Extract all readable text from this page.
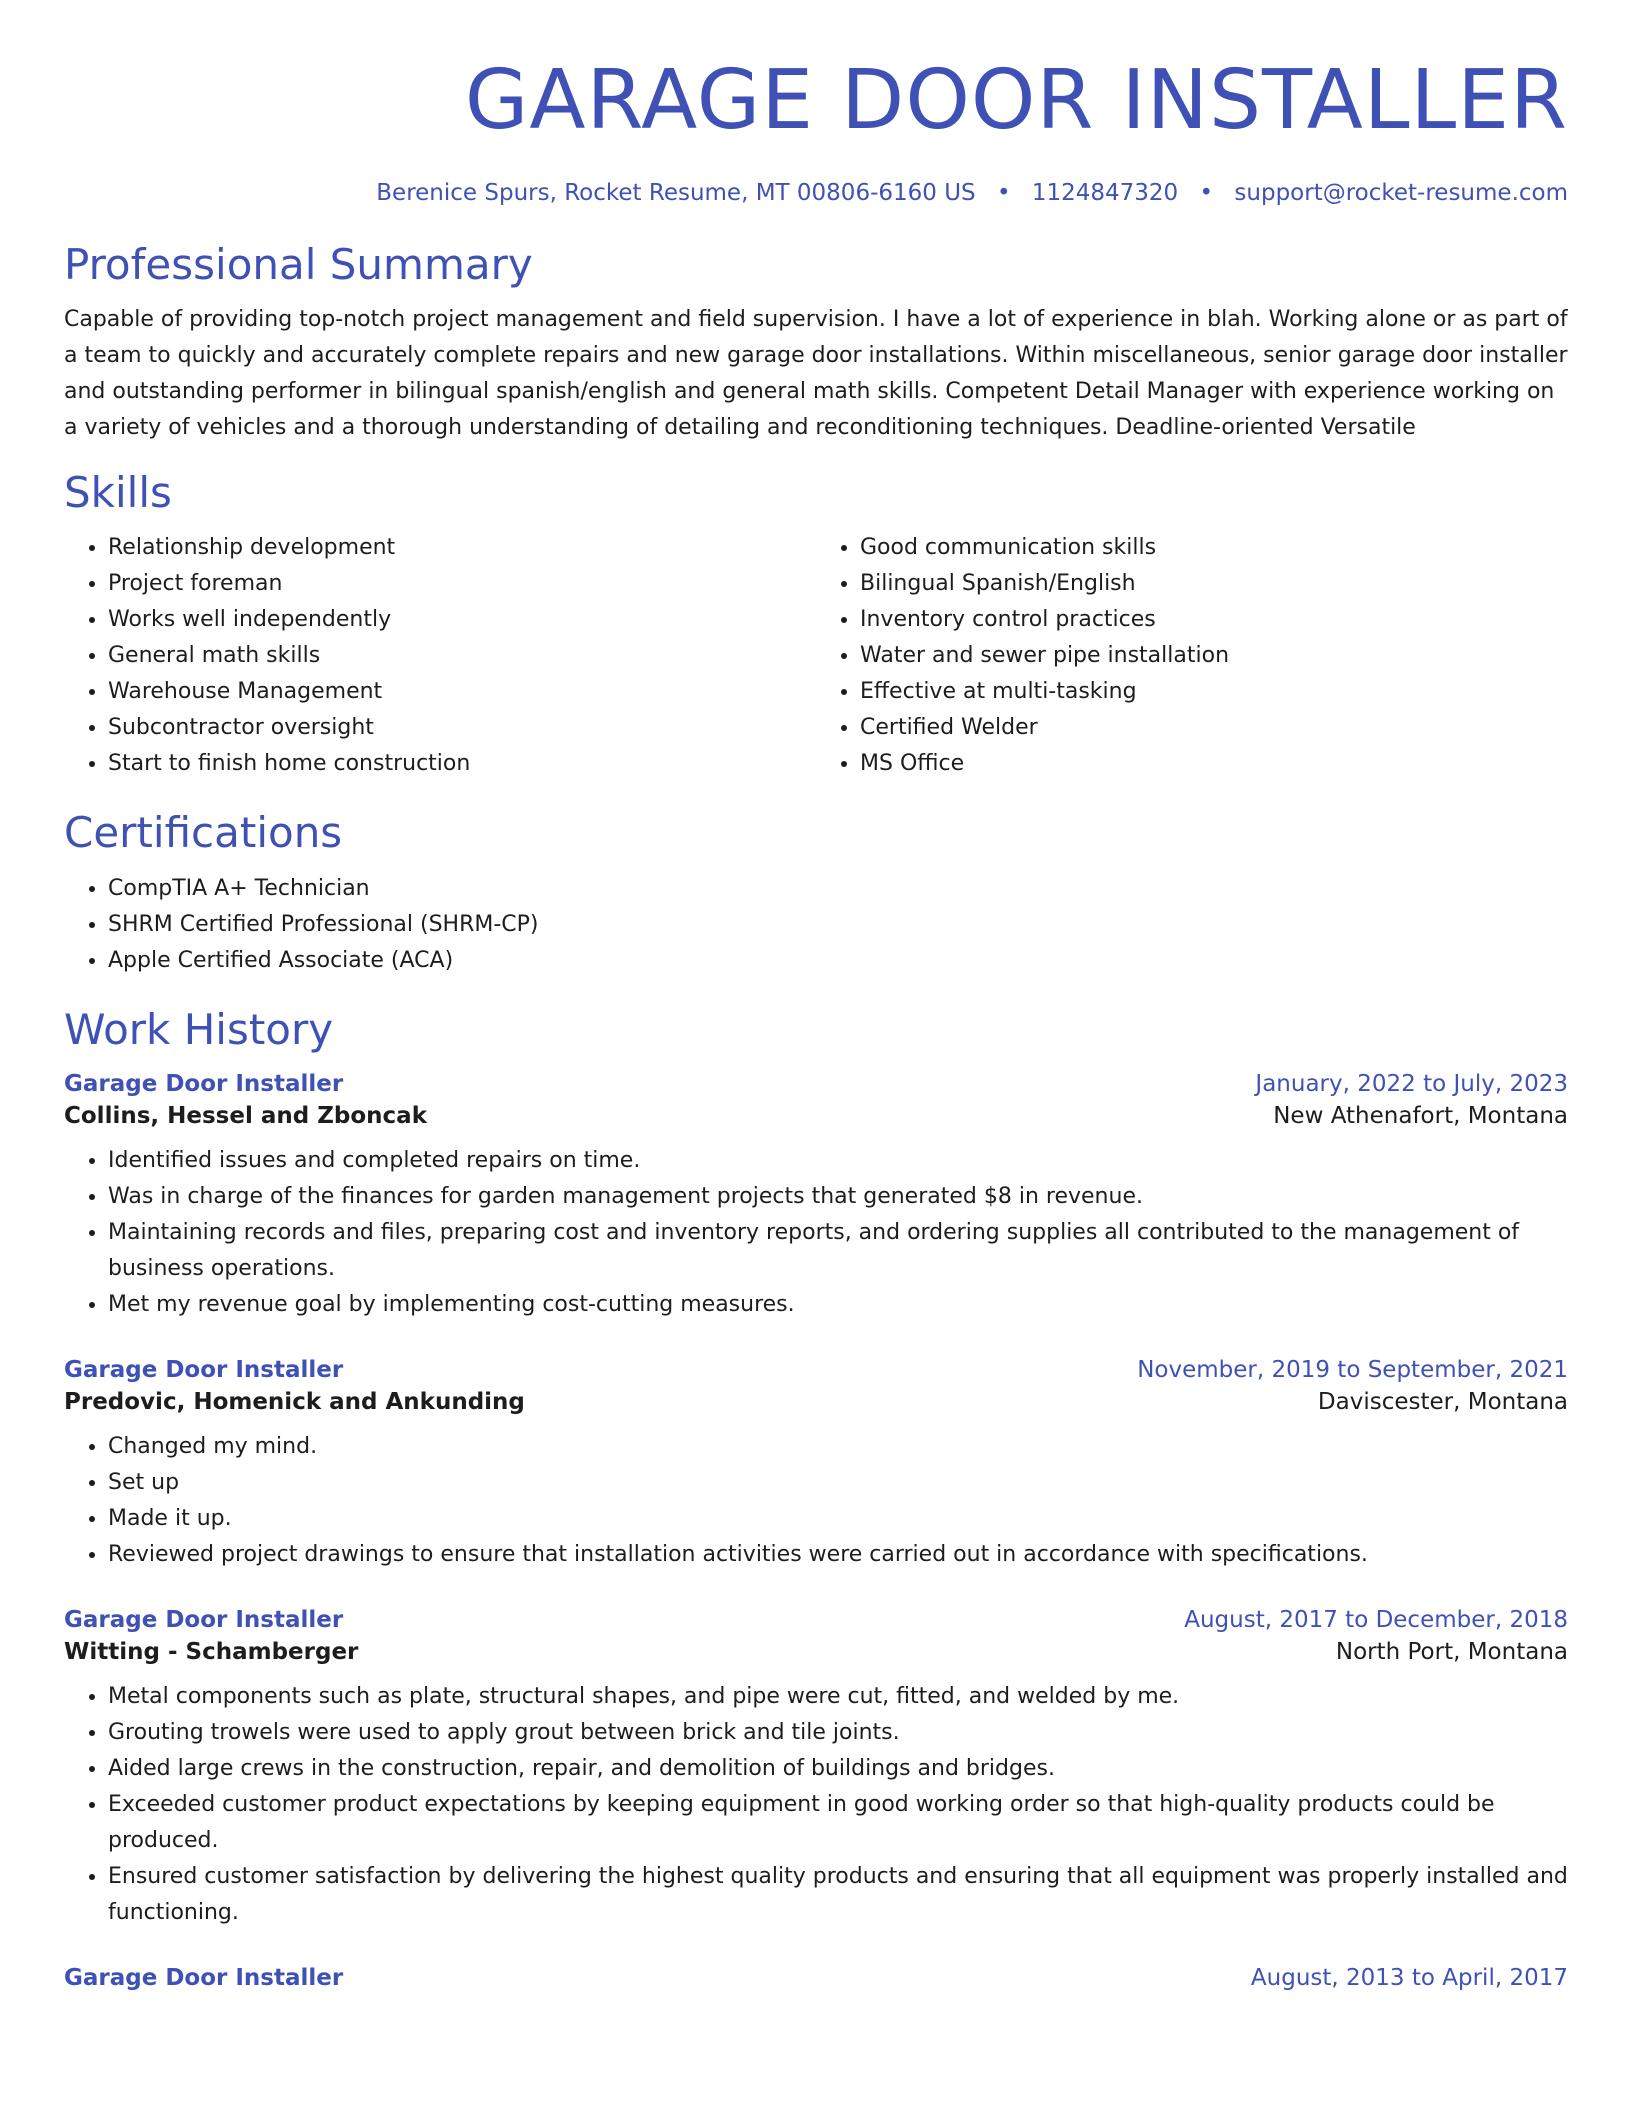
GARAGE DOOR INSTALLER
Berenice Spurs, Rocket Resume, MT 00806-6160 US • 1124847320 • support@rocket-resume.com
Professional Summary

Capable of providing top-notch project management and field supervision. I have a lot of experience in blah. Working alone or as part of a team to quickly and accurately complete repairs and new garage door installations. Within miscellaneous, senior garage door installer and outstanding performer in bilingual spanish/english and general math skills. Competent Detail Manager with experience working on a variety of vehicles and a thorough understanding of detailing and reconditioning techniques. Deadline-oriented Versatile

Skills
• Relationship development
• Project foreman
• Works well independently
• General math skills
• Warehouse Management
• Subcontractor oversight
• Start to finish home construction
• Good communication skills
• Bilingual Spanish/English
• Inventory control practices
• Water and sewer pipe installation
• Effective at multi-tasking
• Certified Welder
• MS Office
Certifications
• CompTIA A+ Technician
• SHRM Certified Professional (SHRM-CP)
• Apple Certified Associate (ACA)
Work History
Garage Door Installer	January, 2022 to July, 2023
Collins, Hessel and Zboncak	New Athenafort, Montana
• Identified issues and completed repairs on time.
• Was in charge of the finances for garden management projects that generated $8 in revenue.
• Maintaining records and files, preparing cost and inventory reports, and ordering supplies all contributed to the management of business operations.
• Met my revenue goal by implementing cost-cutting measures.
Garage Door Installer	November, 2019 to September, 2021
Predovic, Homenick and Ankunding	Daviscester, Montana
• Changed my mind.
• Set up
• Made it up.
• Reviewed project drawings to ensure that installation activities were carried out in accordance with specifications.
Garage Door Installer	August, 2017 to December, 2018
Witting - Schamberger	North Port, Montana
• Metal components such as plate, structural shapes, and pipe were cut, fitted, and welded by me.
• Grouting trowels were used to apply grout between brick and tile joints.
• Aided large crews in the construction, repair, and demolition of buildings and bridges.
• Exceeded customer product expectations by keeping equipment in good working order so that high-quality products could be produced.
• Ensured customer satisfaction by delivering the highest quality products and ensuring that all equipment was properly installed and functioning.
Garage Door Installer	August, 2013 to April, 2017
